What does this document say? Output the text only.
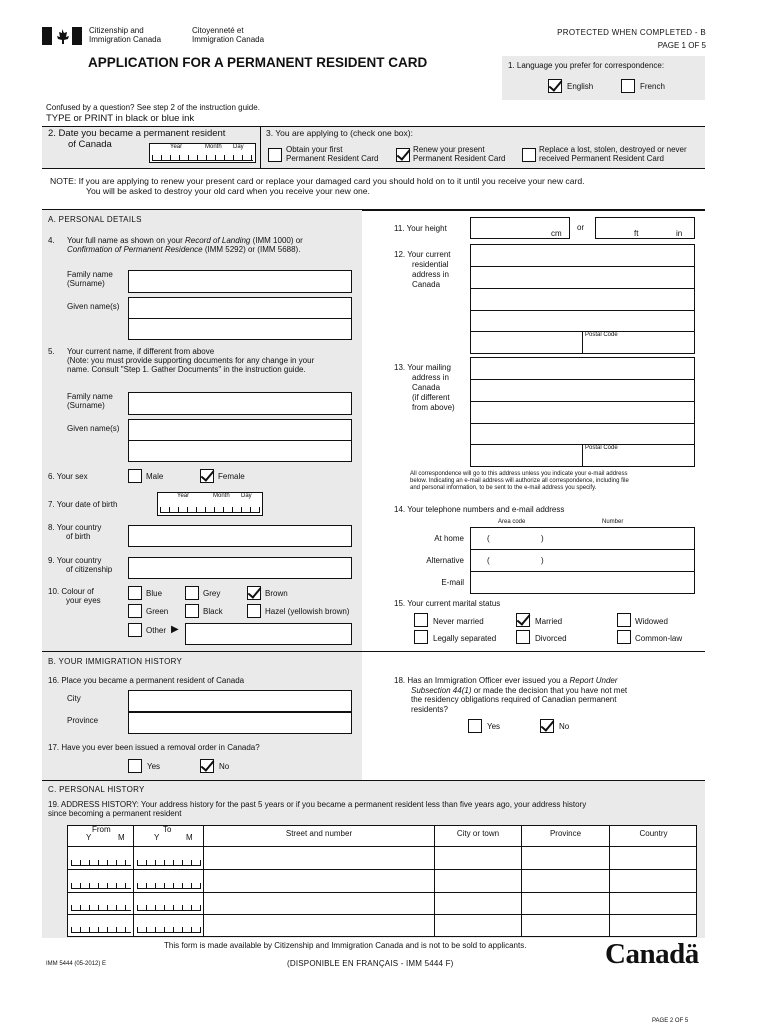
Citizenship and
Immigration Canada
Citoyenneté et
Immigration Canada
PROTECTED WHEN COMPLETED - B
PAGE 1 OF 5
APPLICATION FOR A PERMANENT RESIDENT CARD	1. Language you prefer for correspondence:
English	French
Confused by a question? See step 2 of the instruction guide.
TYPE or PRINT in black or blue ink
2. Date you became a permanent resident
of Canada	Year	Month Day
3. You are applying to (check one box):
Obtain your first
Permanent Resident Card
Renew your present
Permanent Resident Card
Replace a lost, stolen, destroyed or never
received Permanent Resident Card
NOTE: If you are applying to renew your present card or replace your damaged card you should hold on to it until you receive your new card.
You will be asked to destroy your old card when you receive your new one.
A. PERSONAL DETAILS
4. Your full name as shown on your Record of Landing (IMM 1000) or
Confirmation of Permanent Residence (IMM 5292) or (IMM 5688).
Family name
(Surname)
Given name(s)
5. Your current name, if different from above
(Note: you must provide supporting documents for any change in your
name. Consult "Step 1. Gather Documents" in the instruction guide.
Family name
(Surname)
Given name(s)
6. Your sex	Male	Female
7. Your date of birth
Year	Month Day
8. Your country
of birth
9. Your country
of citizenship
10. Colour of
your eyes
Blue	Grey	Brown
Green	Black	Hazel (yellowish brown)
Other ▶
11. Your height
cm
or
ft	in
12. Your current
residential
address in
Canada
Postal Code
13. Your mailing
address in
Canada
(if different
from above)
Postal Code
All correspondence will go to this address unless you indicate your e-mail address
below. Indicating an e-mail address will authorize all correspondence, including file
and personal information, to be sent to the e-mail address you specify.
14. Your telephone numbers and e-mail address
Area code	Number
At home	(	)
Alternative	(	)
E-mail
15. Your current marital status
Never married	Married	Widowed
Legally separated	Divorced	Common-law
B. YOUR IMMIGRATION HISTORY
16. Place you became a permanent resident of Canada
City
Province
17. Have you ever been issued a removal order in Canada?
Yes	No
18. Has an Immigration Officer ever issued you a Report Under
Subsection 44(1) or made the decision that you have not met
the residency obligations required of Canadian permanent
residents?
Yes	No
C. PERSONAL HISTORY
19. ADDRESS HISTORY: Your address history for the past 5 years or if you became a permanent resident less than five years ago, your address history
since becoming a permanent resident
From
Y	M
To
Y	M	Street and number	City or town	Province	Country
This form is made available by Citizenship and Immigration Canada and is not to be sold to applicants.
IMM 5444 (05-2012) E	(DISPONIBLE EN FRANÇAIS - IMM 5444 F)	Canadä
PAGE 2 OF 5
